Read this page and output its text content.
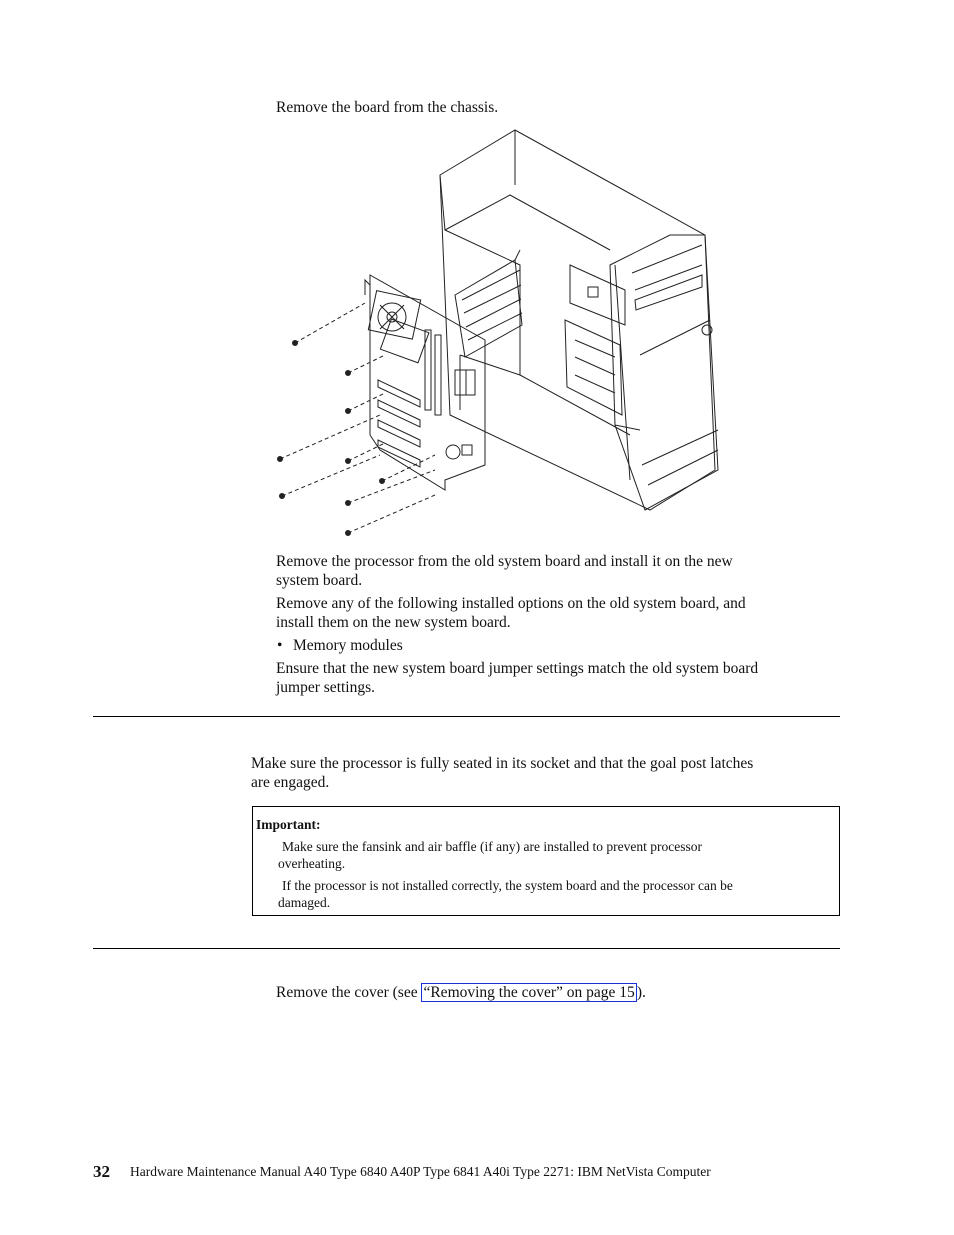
Remove the board from the chassis.
Remove the processor from the old system board and install it on the new
system board.
Remove any of the following installed options on the old system board, and
install them on the new system board.
• Memory modules
Ensure that the new system board jumper settings match the old system board
jumper settings.
Make sure the processor is fully seated in its socket and that the goal post latches
are engaged.
Important:
Make sure the fansink and air baffle (if any) are installed to prevent processor
overheating.
If the processor is not installed correctly, the system board and the processor can be
damaged.
Remove the cover (see “Removing the cover” on page 15 ).
32 Hardware Maintenance Manual A40 Type 6840 A40P Type 6841 A40i Type 2271: IBM NetVista Computer
